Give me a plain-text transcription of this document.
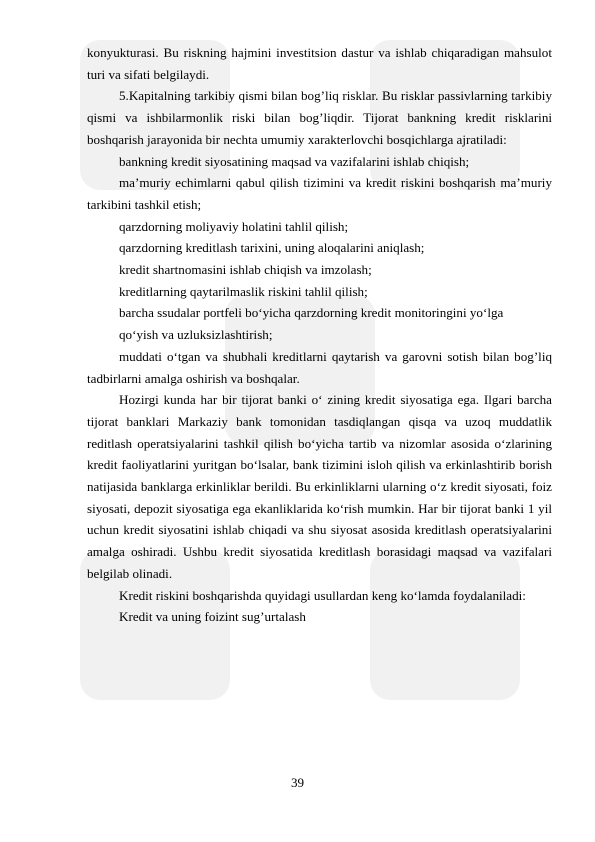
konyukturasi. Bu riskning hajmini investitsion dastur va ishlab chiqaradigan mahsulot turi va sifati belgilaydi.

5.Kapitalning tarkibiy qismi bilan bog’liq risklar. Bu risklar passivlarning tarkibiy qismi va ishbilarmonlik riski bilan bog’liqdir. Tijorat bankning kredit risklarini boshqarish jarayonida bir nechta umumiy xarakterlovchi bosqichlarga ajratiladi:

bankning kredit siyosatining maqsad va vazifalarini ishlab chiqish;

ma’muriy echimlarni qabul qilish tizimini va kredit riskini boshqarish ma’muriy tarkibini tashkil etish;

qarzdorning moliyaviy holatini tahlil qilish;

qarzdorning krеditlash tarixini, uning aloqalarini aniqlash;

kredit shartnomasini ishlab chiqish va imzolash;

kreditlarning qaytarilmaslik riskini tahlil qilish;

barcha ssudalar portfeli bo‘yicha qarzdorning kredit monitoringini yo‘lga

qo‘yish va uzluksizlashtirish;

muddati o‘tgan va shubhali kreditlarni qaytarish va garovni sotish bilan bog’liq tadbirlarni amalga oshirish va boshqalar.

Hozirgi kunda har bir tijorat banki o‘ zining kredit siyosatiga ega. Ilgari barcha tijorat banklari Markaziy bank tomonidan tasdiqlangan qisqa va uzoq muddatlik reditlash operatsiyalarini tashkil qilish bo‘yicha tartib va nizomlar asosida o‘zlarining kredit faoliyatlarini yuritgan bo‘lsalar, bank tizimini isloh qilish va erkinlashtirib borish natijasida banklarga erkinliklar berildi. Bu erkinliklarni ularning o‘z kredit siyosati, foiz siyosati, depozit siyosatiga ega ekanliklarida ko‘rish mumkin. Har bir tijorat banki 1 yil uchun kredit siyosatini ishlab chiqadi va shu siyosat asosida kreditlash operatsiyalarini amalga oshiradi. Ushbu kredit siyosatida kreditlash borasidagi maqsad va vazifalari belgilab olinadi.

Kredit riskini boshqarishda quyidagi usullardan keng ko‘lamda foydalaniladi:

Kredit va uning foizint sug’urtalash

39
